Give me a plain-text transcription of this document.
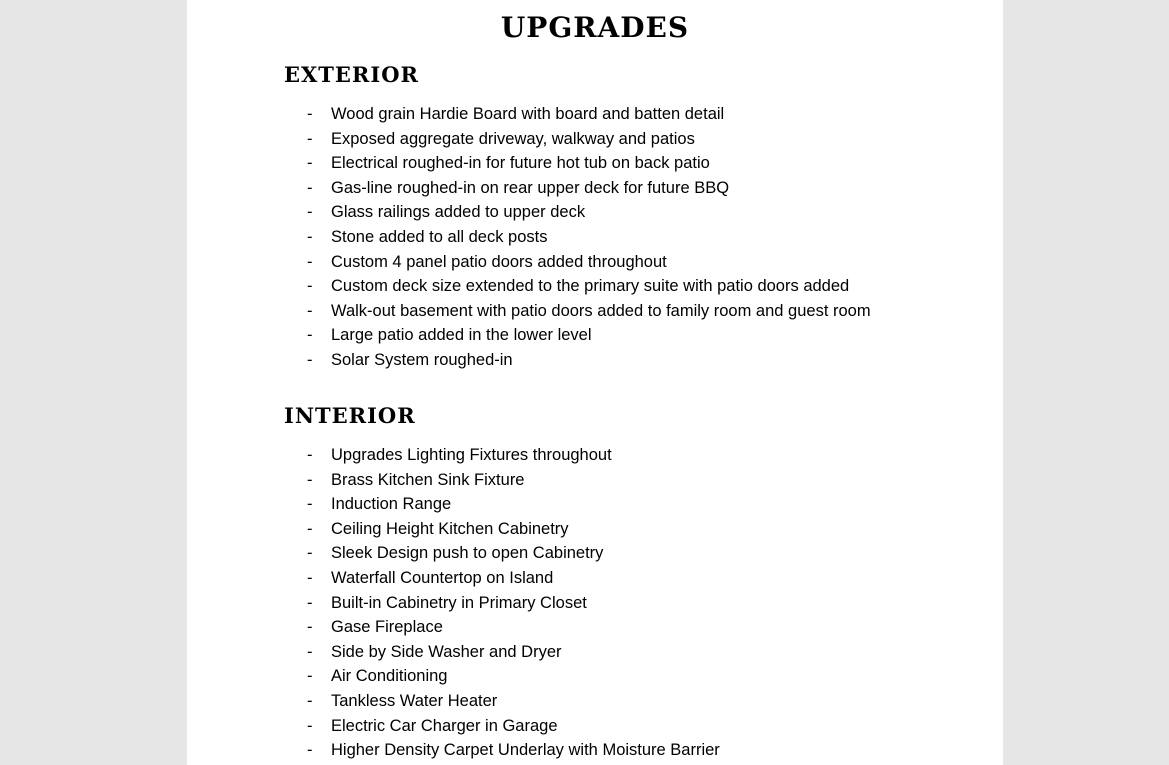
UPGRADES
EXTERIOR
- Wood grain Hardie Board with board and batten detail
- Exposed aggregate driveway, walkway and patios
- Electrical roughed-in for future hot tub on back patio
- Gas-line roughed-in on rear upper deck for future BBQ
- Glass railings added to upper deck
- Stone added to all deck posts
- Custom 4 panel patio doors added throughout
- Custom deck size extended to the primary suite with patio doors added
- Walk-out basement with patio doors added to family room and guest room
- Large patio added in the lower level
- Solar System roughed-in
INTERIOR
- Upgrades Lighting Fixtures throughout
- Brass Kitchen Sink Fixture
- Induction Range
- Ceiling Height Kitchen Cabinetry
- Sleek Design push to open Cabinetry
- Waterfall Countertop on Island
- Built-in Cabinetry in Primary Closet
- Gase Fireplace
- Side by Side Washer and Dryer
- Air Conditioning
- Tankless Water Heater
- Electric Car Charger in Garage
- Higher Density Carpet Underlay with Moisture Barrier
